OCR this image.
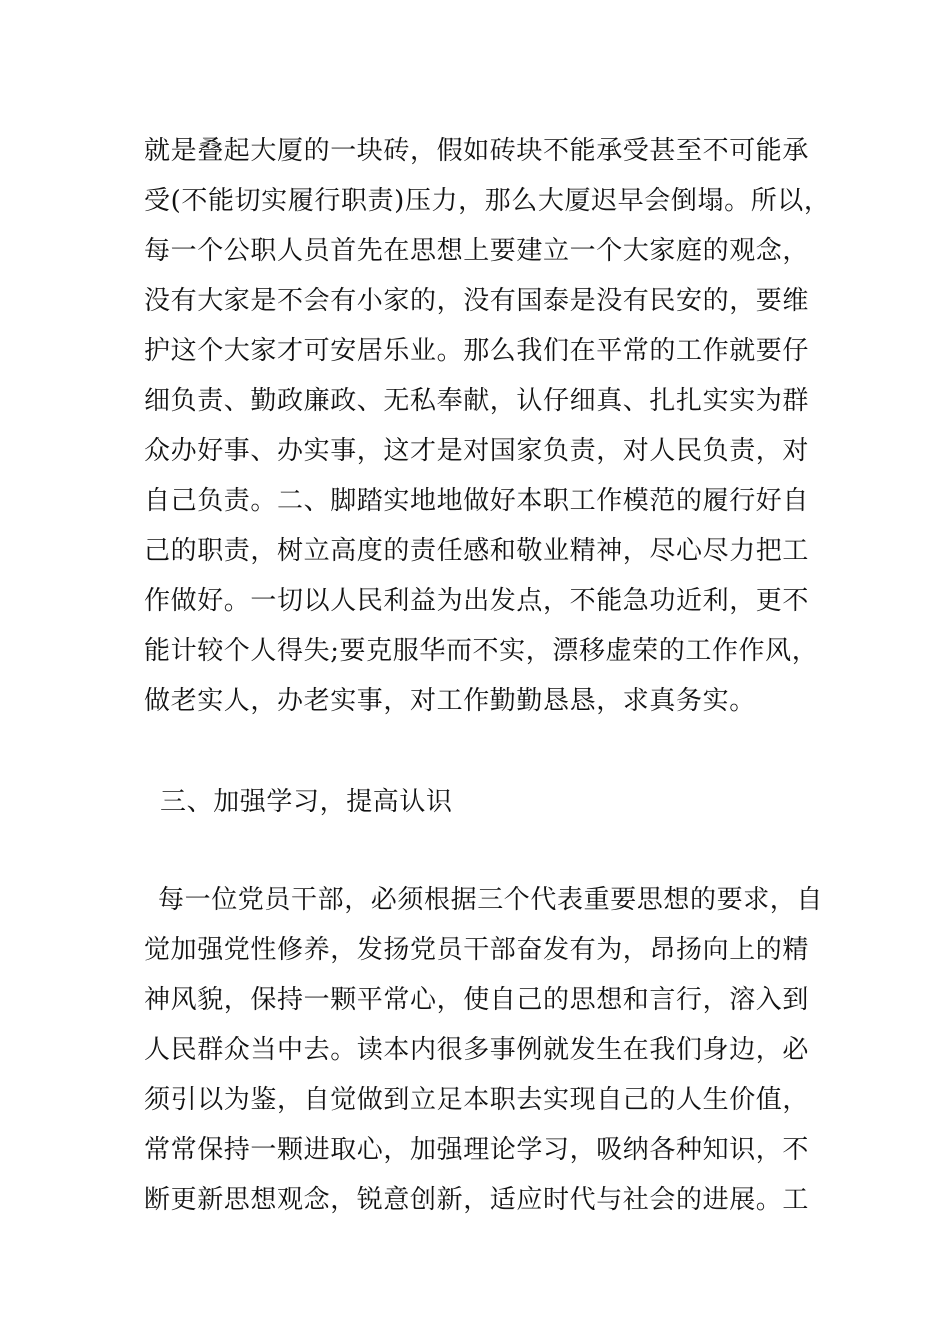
就是叠起大厦的一块砖，假如砖块不能承受甚至不可能承

受(不能切实履行职责)压力，那么大厦迟早会倒塌。所以，

每一个公职人员首先在思想上要建立一个大家庭的观念，

没有大家是不会有小家的，没有国泰是没有民安的，要维

护这个大家才可安居乐业。那么我们在平常的工作就要仔

细负责、勤政廉政、无私奉献，认仔细真、扎扎实实为群

众办好事、办实事，这才是对国家负责，对人民负责，对

自己负责。二、脚踏实地地做好本职工作模范的履行好自

己的职责，树立高度的责任感和敬业精神，尽心尽力把工

作做好。一切以人民利益为出发点，不能急功近利，更不

能计较个人得失;要克服华而不实，漂移虚荣的工作作风，

做老实人，办老实事，对工作勤勤恳恳，求真务实。

三、加强学习，提高认识

每一位党员干部，必须根据三个代表重要思想的要求，自

觉加强党性修养，发扬党员干部奋发有为，昂扬向上的精

神风貌，保持一颗平常心，使自己的思想和言行，溶入到

人民群众当中去。读本内很多事例就发生在我们身边，必

须引以为鉴，自觉做到立足本职去实现自己的人生价值，

常常保持一颗进取心，加强理论学习，吸纳各种知识，不

断更新思想观念，锐意创新，适应时代与社会的进展。工
